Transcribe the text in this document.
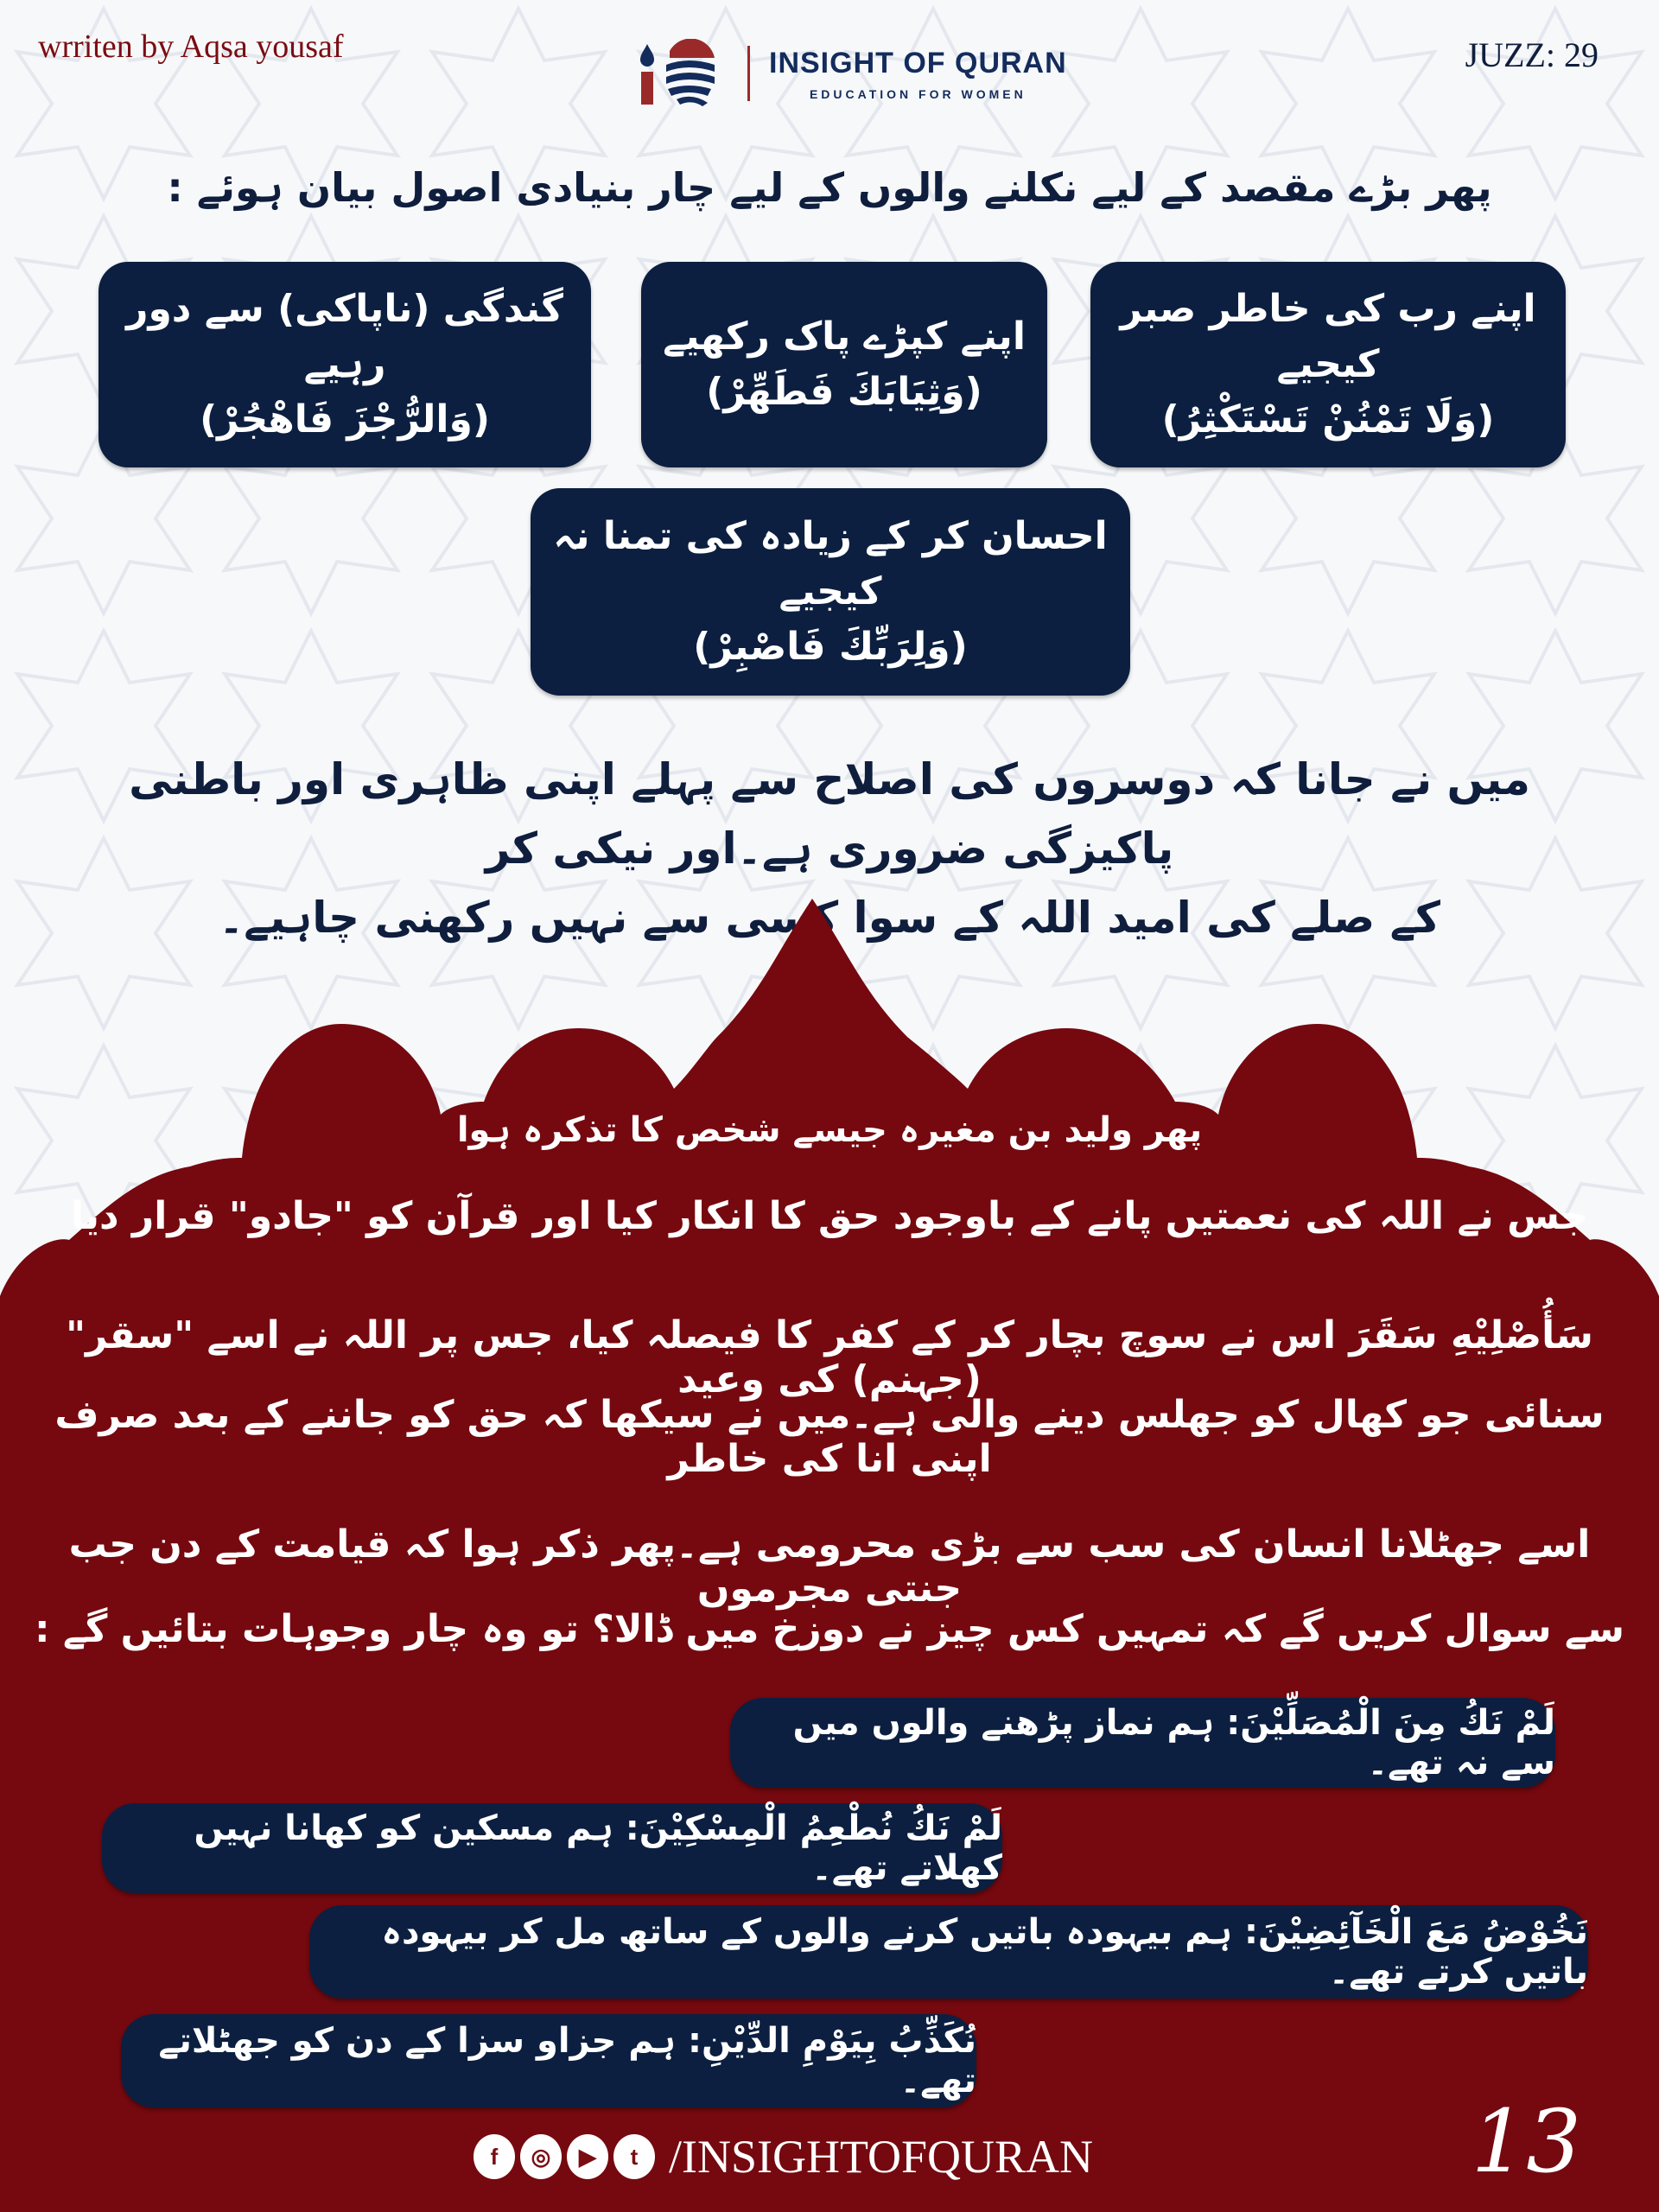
wrriten by Aqsa yousaf	INSIGHT OF QURAN
EDUCATION FOR WOMEN
JUZZ: 29
پھر بڑے مقصد کے لیے نکلنے والوں کے لیے چار بنیادی اصول بیان ہوئے :
اپنے رب کی خاطر صبر کیجیے
(وَلَا تَمْنُنْ تَسْتَكْثِرُ)
اپنے کپڑے پاک رکھیے
(وَثِيَابَكَ فَطَهِّرْ)
گندگی (ناپاکی) سے دور رہیے
(وَالرُّجْزَ فَاهْجُرْ)
احسان کر کے زیادہ کی تمنا نہ کیجیے
(وَلِرَبِّكَ فَاصْبِرْ)
میں نے جانا کہ دوسروں کی اصلاح سے پہلے اپنی ظاہری اور باطنی پاکیزگی ضروری ہے۔اور نیکی کر
کے صلے کی امید اللہ کے سوا کسی سے نہیں رکھنی چاہیے۔
پھر ولید بن مغیرہ جیسے شخص کا تذکرہ ہوا
جس نے اللہ کی نعمتیں پانے کے باوجود حق کا انکار کیا اور قرآن کو "جادو" قرار دیا
سَأُصْلِيْهِ سَقَرَ اس نے سوچ بچار کر کے کفر کا فیصلہ کیا، جس پر اللہ نے اسے "سقر" (جہنم) کی وعید
سنائی جو کھال کو جھلس دینے والی ہے۔میں نے سیکھا کہ حق کو جاننے کے بعد صرف اپنی انا کی خاطر
اسے جھٹلانا انسان کی سب سے بڑی محرومی ہے۔پھر ذکر ہوا کہ قیامت کے دن جب جنتی مجرموں
سے سوال کریں گے کہ تمہیں کس چیز نے دوزخ میں ڈالا؟ تو وہ چار وجوہات بتائیں گے :
لَمْ نَكُ مِنَ الْمُصَلِّيْنَ: ہم نماز پڑھنے والوں میں سے نہ تھے۔
لَمْ نَكُ نُطْعِمُ الْمِسْكِيْنَ: ہم مسکین کو کھانا نہیں کھلاتے تھے۔
نَخُوْضُ مَعَ الْخَآئِضِيْنَ: ہم بیہودہ باتیں کرنے والوں کے ساتھ مل کر بیہودہ باتیں کرتے تھے۔
نُكَذِّبُ بِيَوْمِ الدِّيْنِ: ہم جزاو سزا کے دن کو جھٹلاتے تھے۔
f	◎	▶	t /INSIGHTOFQURAN	13
